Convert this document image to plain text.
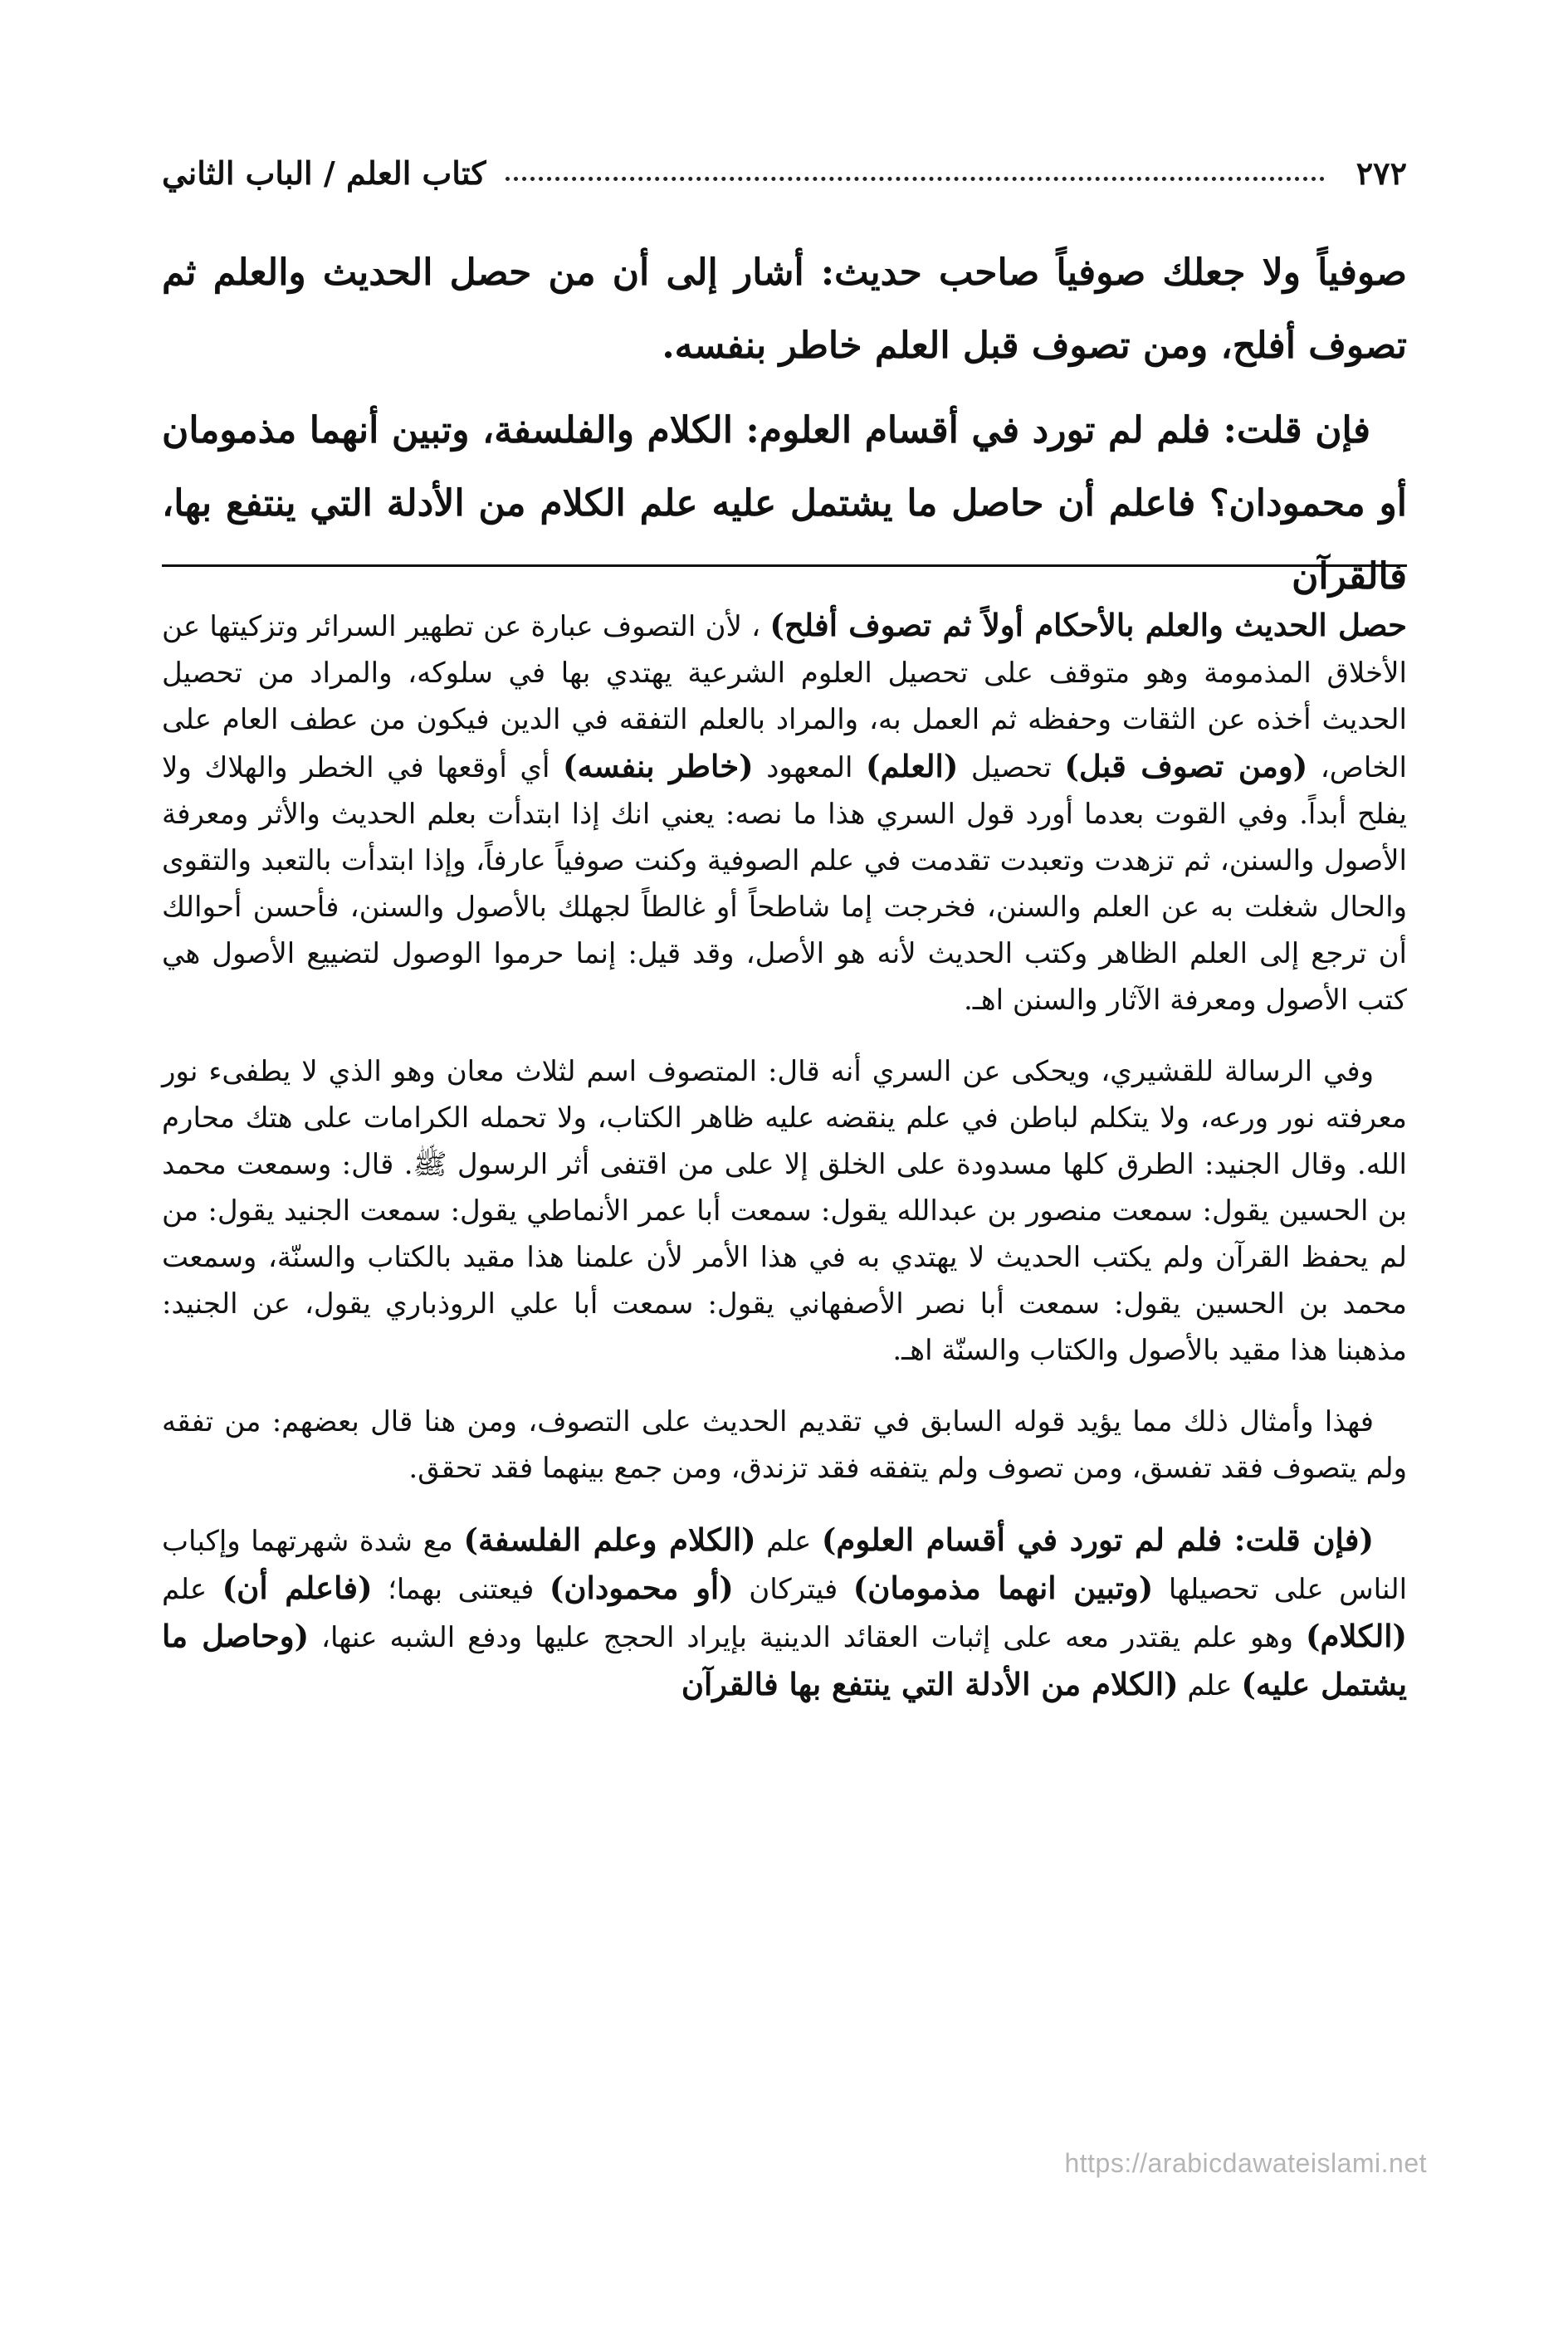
٢٧٢
كتاب العلم / الباب الثاني

صوفياً ولا جعلك صوفياً صاحب حديث: أشار إلى أن من حصل الحديث والعلم ثم تصوف أفلح، ومن تصوف قبل العلم خاطر بنفسه.

فإن قلت: فلم لم تورد في أقسام العلوم: الكلام والفلسفة، وتبين أنهما مذمومان أو محمودان؟ فاعلم أن حاصل ما يشتمل عليه علم الكلام من الأدلة التي ينتفع بها، فالقرآن

حصل الحديث والعلم بالأحكام أولاً ثم تصوف أفلح) ، لأن التصوف عبارة عن تطهير السرائر وتزكيتها عن الأخلاق المذمومة وهو متوقف على تحصيل العلوم الشرعية يهتدي بها في سلوكه، والمراد من تحصيل الحديث أخذه عن الثقات وحفظه ثم العمل به، والمراد بالعلم التفقه في الدين فيكون من عطف العام على الخاص، (ومن تصوف قبل) تحصيل (العلم) المعهود (خاطر بنفسه) أي أوقعها في الخطر والهلاك ولا يفلح أبداً. وفي القوت بعدما أورد قول السري هذا ما نصه: يعني انك إذا ابتدأت بعلم الحديث والأثر ومعرفة الأصول والسنن، ثم تزهدت وتعبدت تقدمت في علم الصوفية وكنت صوفياً عارفاً، وإذا ابتدأت بالتعبد والتقوى والحال شغلت به عن العلم والسنن، فخرجت إما شاطحاً أو غالطاً لجهلك بالأصول والسنن، فأحسن أحوالك أن ترجع إلى العلم الظاهر وكتب الحديث لأنه هو الأصل، وقد قيل: إنما حرموا الوصول لتضييع الأصول هي كتب الأصول ومعرفة الآثار والسنن اهـ.

وفي الرسالة للقشيري، ويحكى عن السري أنه قال: المتصوف اسم لثلاث معان وهو الذي لا يطفىء نور معرفته نور ورعه، ولا يتكلم لباطن في علم ينقضه عليه ظاهر الكتاب، ولا تحمله الكرامات على هتك محارم الله. وقال الجنيد: الطرق كلها مسدودة على الخلق إلا على من اقتفى أثر الرسول ﷺ. قال: وسمعت محمد بن الحسين يقول: سمعت منصور بن عبدالله يقول: سمعت أبا عمر الأنماطي يقول: سمعت الجنيد يقول: من لم يحفظ القرآن ولم يكتب الحديث لا يهتدي به في هذا الأمر لأن علمنا هذا مقيد بالكتاب والسنّة، وسمعت محمد بن الحسين يقول: سمعت أبا نصر الأصفهاني يقول: سمعت أبا علي الروذباري يقول، عن الجنيد: مذهبنا هذا مقيد بالأصول والكتاب والسنّة اهـ.

فهذا وأمثال ذلك مما يؤيد قوله السابق في تقديم الحديث على التصوف، ومن هنا قال بعضهم: من تفقه ولم يتصوف فقد تفسق، ومن تصوف ولم يتفقه فقد تزندق، ومن جمع بينهما فقد تحقق.

(فإن قلت: فلم لم تورد في أقسام العلوم) علم (الكلام وعلم الفلسفة) مع شدة شهرتهما وإكباب الناس على تحصيلها (وتبين انهما مذمومان) فيتركان (أو محمودان) فيعتنى بهما؛ (فاعلم أن) علم (الكلام) وهو علم يقتدر معه على إثبات العقائد الدينية بإيراد الحجج عليها ودفع الشبه عنها، (وحاصل ما يشتمل عليه) علم (الكلام من الأدلة التي ينتفع بها فالقرآن

https://arabicdawateislami.net
